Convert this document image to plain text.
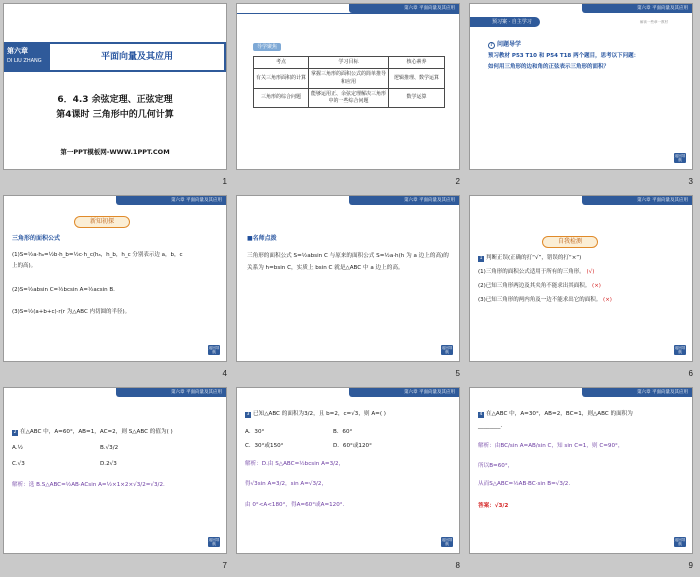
第六章
DI LIU ZHANG	平面向量及其应用
6．4.3 余弦定理、正弦定理
第4课时 三角形中的几何计算
第一PPT模板网-WWW.1PPT.COM
1
第六章 平面向量及其应用
导学聚焦
考点	学习目标	核心素养
有关三角形面积的计算	掌握三角形的面积公式的简单推导和应用	逻辑推理、数学运算
三角形的综合问题	能够运用正、余弦定理解决三角形中的一些综合问题	数学运算
2
第六章 平面向量及其应用
预习案 · 自主学习	解读一些章一教材
? 问题导学
预习教材 P53 T10 和 P54 T18 两个题目，思考以下问题：
如何用三角形的边和角的正弦表示三角形的面积？
返回导航
3
第六章 平面向量及其应用
新知初探
三角形的面积公式
(1)S=½a·hₐ=½b·h_b=½c·h_c(hₐ，h_b，h_c 分别表示边 a，b，c
上的高)。
(2)S=½absin C=½bcsin A=½acsin B.
(3)S=½(a+b+c)·r(r 为△ABC 内切圆的半径)。
返回导航
4
第六章 平面向量及其应用
■名师点拨
三角形的面积公式 S=½absin C 与原来的面积公式 S=½a·h(h 为 a 边上的高)的关系为 h=bsin C，实质上 bsin C 就是△ABC 中 a 边上的高。
返回导航
5
第六章 平面向量及其应用
自我检测
1 判断正误(正确的打“√”，错误的打“×”)
(1)三角形的面积公式适用于所有的三角形。 (√)
(2)已知三角形两边及其夹角不能求出其面积。 (×)
(3)已知三角形的两内角及一边不能求出它的面积。 (×)
返回导航
6
第六章 平面向量及其应用
2 在△ABC 中，A=60°，AB=1，AC=2，则 S△ABC 的值为( )
A.½	B.√3/2
C.√3	D.2√3
解析：选 B.S△ABC=½AB·ACsin A=½×1×2×√3/2=√3/2.
返回导航
7
第六章 平面向量及其应用
3 已知△ABC 的面积为3/2，且 b=2，c=√3，则 A=( )
A．30°	B．60°
C．30°或150°	D．60°或120°
解析：D.由 S△ABC=½bcsin A=3/2，
得√3sin A=3/2，sin A=√3/2，
由 0°<A<180°，得A=60°或A=120°.
返回导航
8
第六章 平面向量及其应用
4 在△ABC 中，A=30°，AB=2，BC=1，则△ABC 的面积为
________.
解析：由BC/sin A=AB/sin C，知 sin C=1，则 C=90°，
所以B=60°，
从而S△ABC=½AB·BC·sin B=√3/2.
答案：√3/2
返回导航
9
